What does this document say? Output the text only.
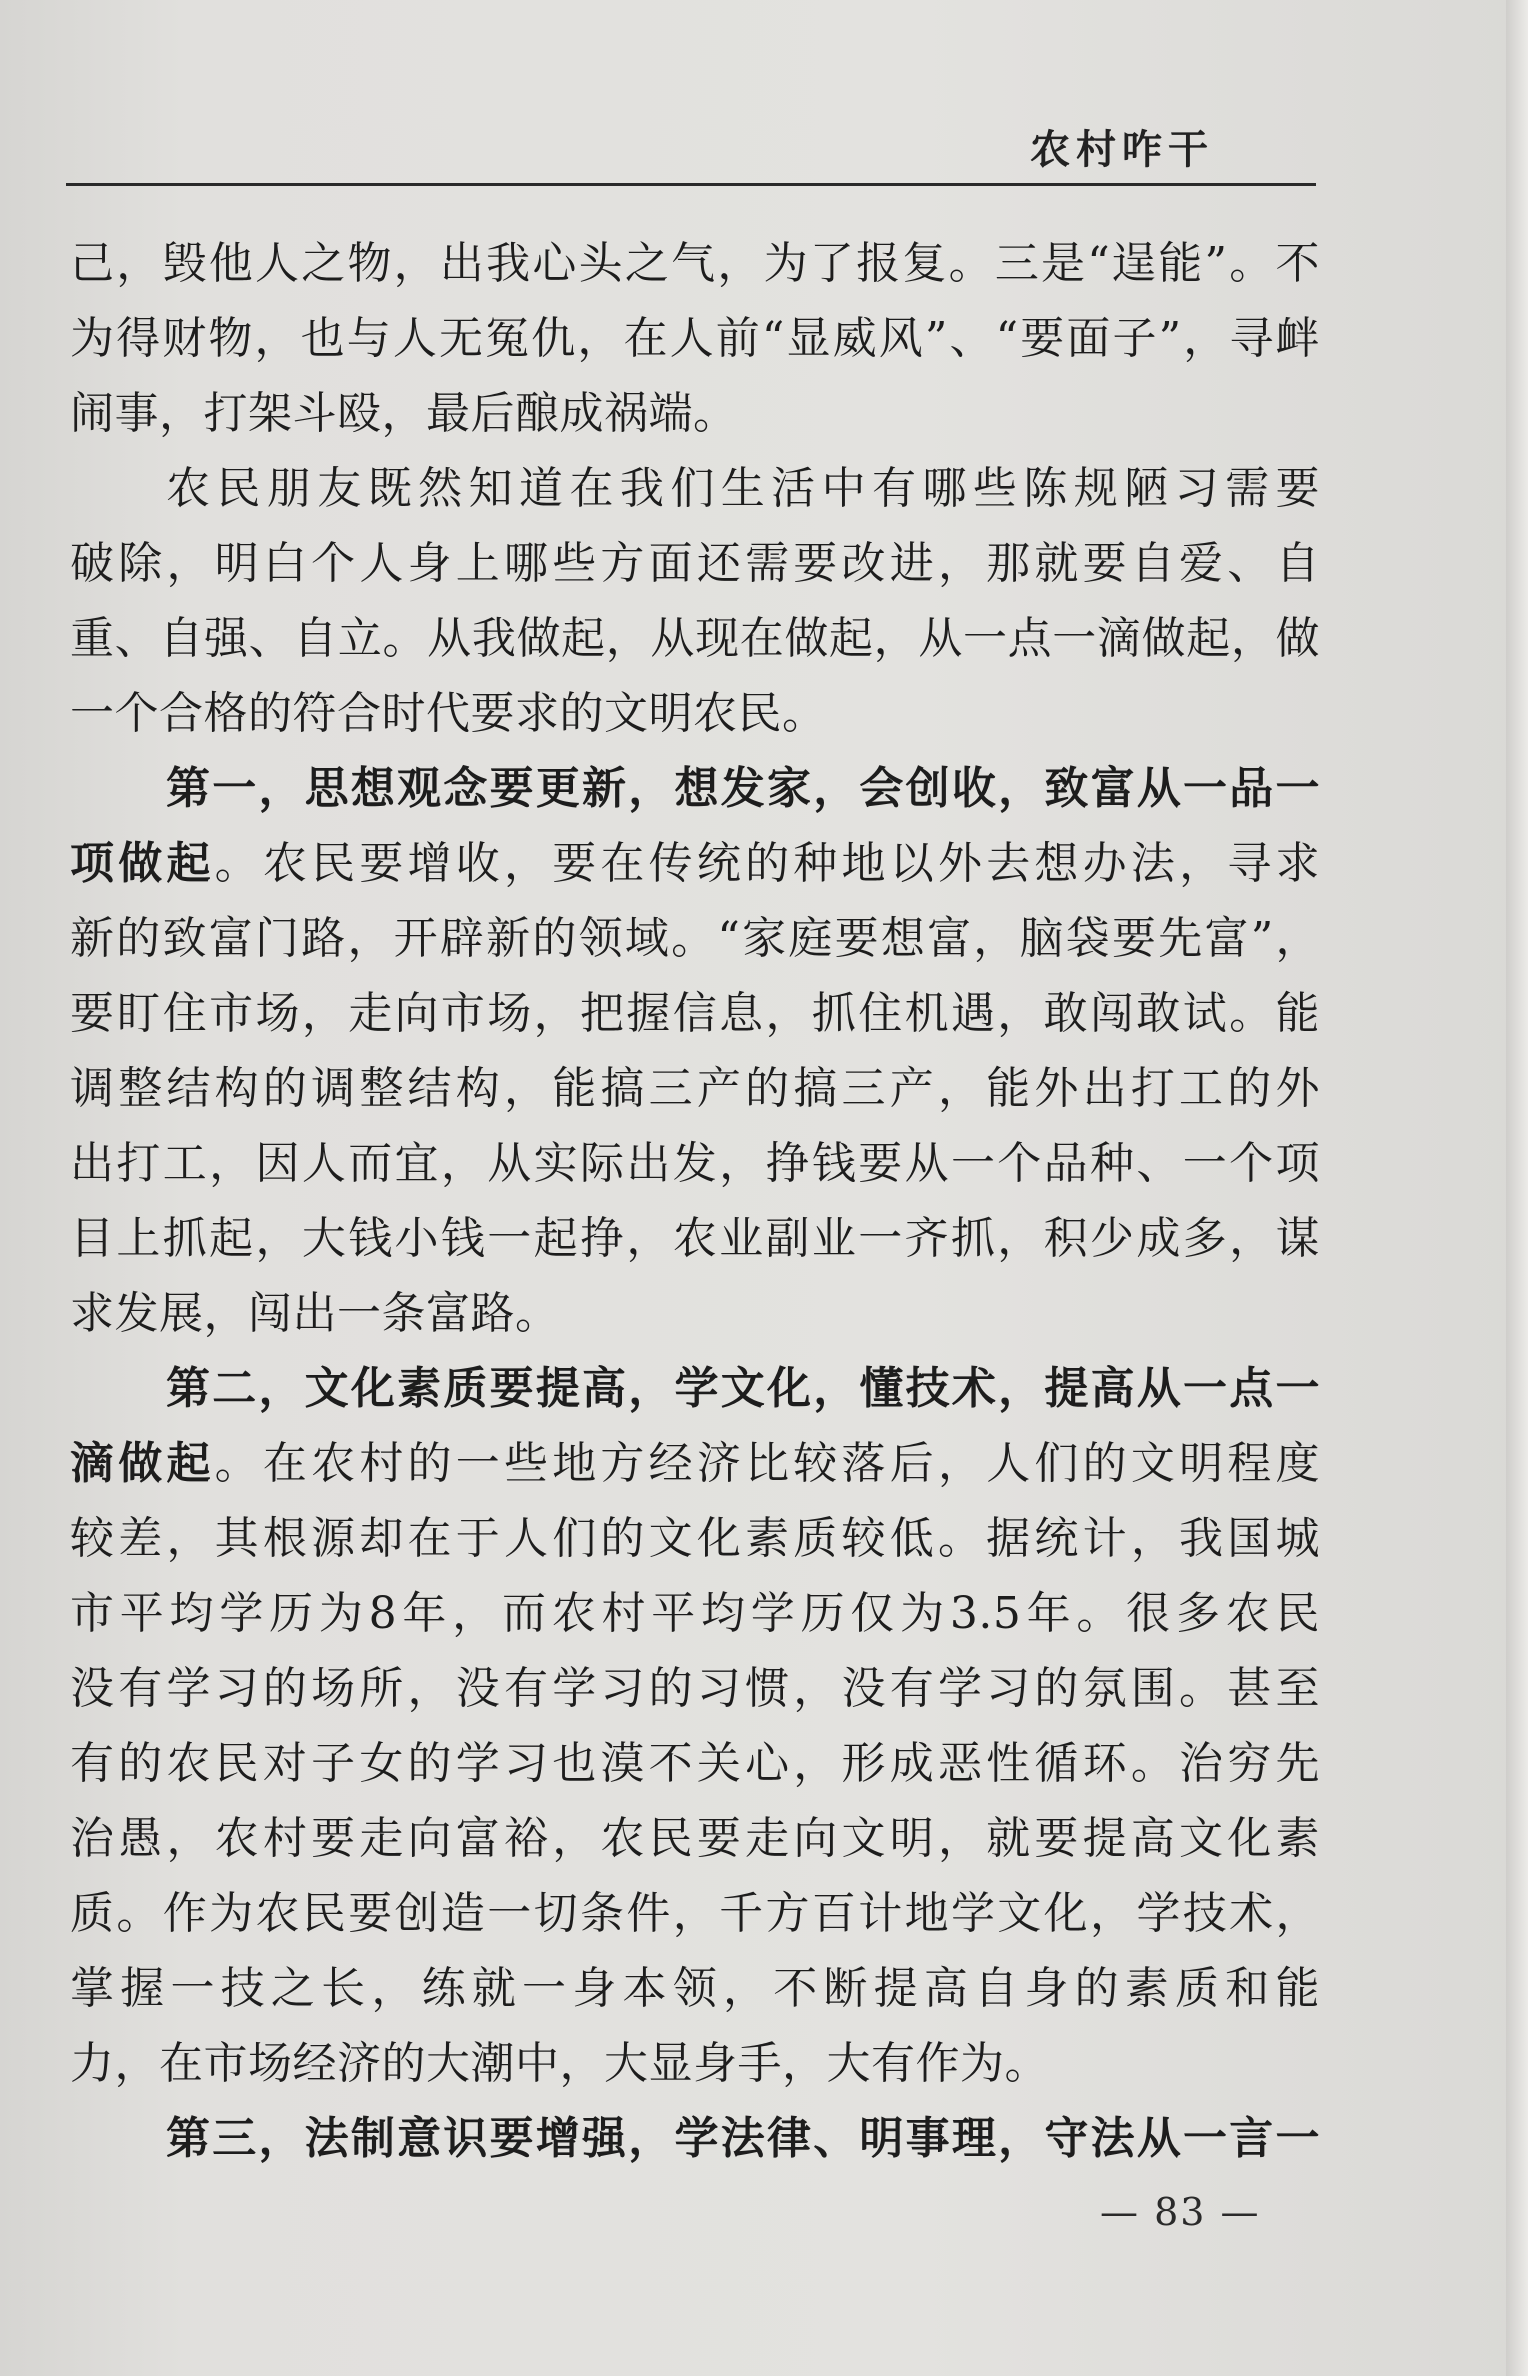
农村咋干
己，毁他人之物，出我心头之气，为了报复。三是“逞能”。不
为得财物，也与人无冤仇，在人前“显威风”、“要面子”，寻衅
闹事，打架斗殴，最后酿成祸端。
农民朋友既然知道在我们生活中有哪些陈规陋习需要
破除，明白个人身上哪些方面还需要改进，那就要自爱、自
重、自强、自立。从我做起，从现在做起，从一点一滴做起，做
一个合格的符合时代要求的文明农民。
第一，思想观念要更新，想发家，会创收，致富从一品一
项做起。农民要增收，要在传统的种地以外去想办法，寻求
新的致富门路，开辟新的领域。“家庭要想富，脑袋要先富”，
要盯住市场，走向市场，把握信息，抓住机遇，敢闯敢试。能
调整结构的调整结构，能搞三产的搞三产，能外出打工的外
出打工，因人而宜，从实际出发，挣钱要从一个品种、一个项
目上抓起，大钱小钱一起挣，农业副业一齐抓，积少成多，谋
求发展，闯出一条富路。
第二，文化素质要提高，学文化，懂技术，提高从一点一
滴做起。在农村的一些地方经济比较落后，人们的文明程度
较差，其根源却在于人们的文化素质较低。据统计，我国城
市平均学历为8年，而农村平均学历仅为3.5年。很多农民
没有学习的场所，没有学习的习惯，没有学习的氛围。甚至
有的农民对子女的学习也漠不关心，形成恶性循环。治穷先
治愚，农村要走向富裕，农民要走向文明，就要提高文化素
质。作为农民要创造一切条件，千方百计地学文化，学技术，
掌握一技之长，练就一身本领，不断提高自身的素质和能
力，在市场经济的大潮中，大显身手，大有作为。
第三，法制意识要增强，学法律、明事理，守法从一言一
— 83 —
